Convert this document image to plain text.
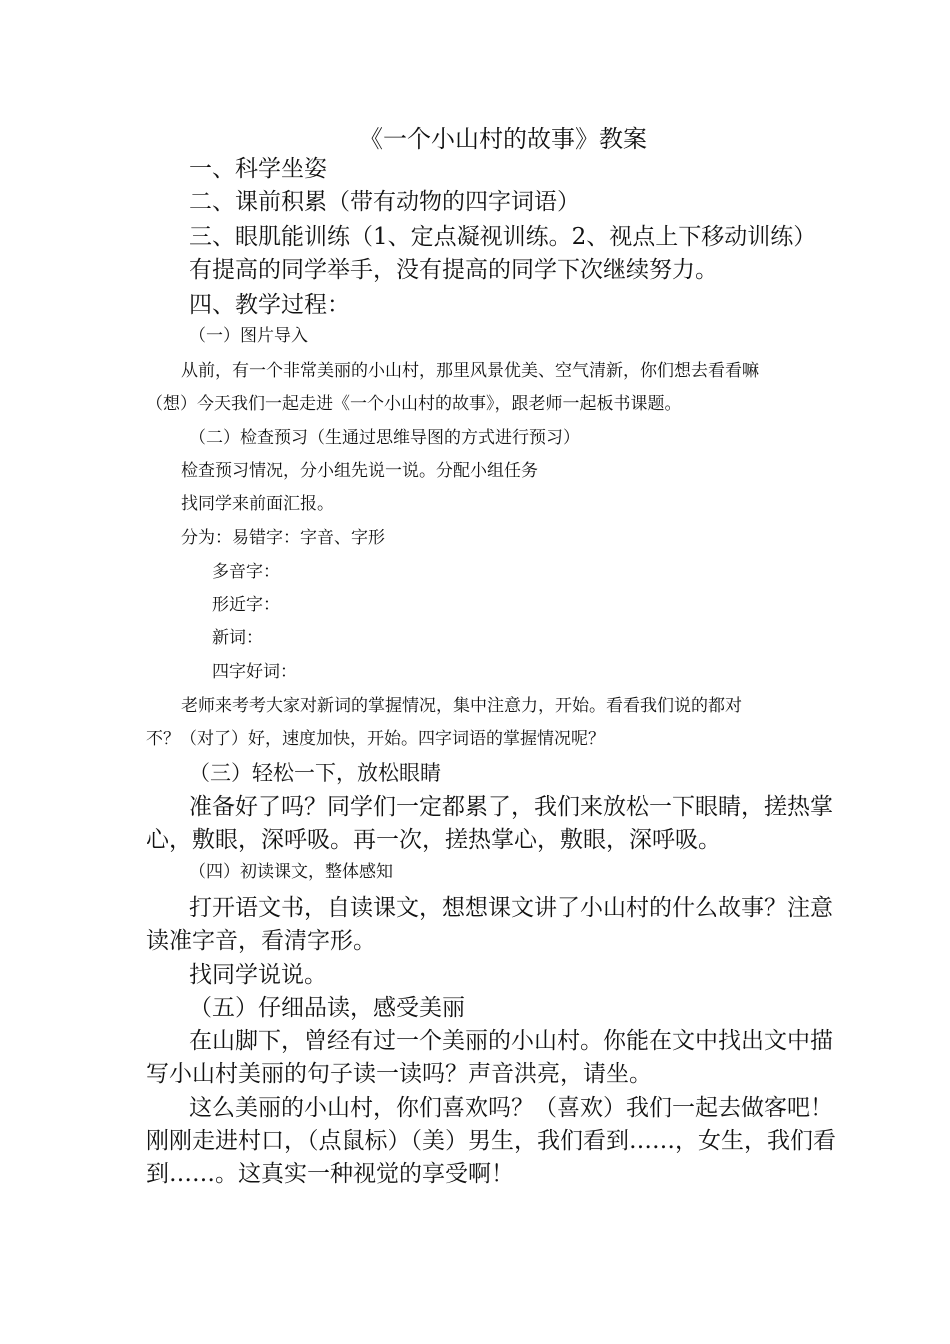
《一个小山村的故事》教案
一、科学坐姿
二、课前积累（带有动物的四字词语）
三、眼肌能训练（1、定点凝视训练。2、视点上下移动训练）
有提高的同学举手，没有提高的同学下次继续努力。
四、教学过程：
（一）图片导入
从前，有一个非常美丽的小山村，那里风景优美、空气清新，你们想去看看嘛
（想）今天我们一起走进《一个小山村的故事》，跟老师一起板书课题。
（二）检查预习（生通过思维导图的方式进行预习）
检查预习情况，分小组先说一说。分配小组任务
找同学来前面汇报。
分为：易错字：字音、字形
多音字：
形近字：
新词：
四字好词：
老师来考考大家对新词的掌握情况，集中注意力，开始。看看我们说的都对
不？（对了）好，速度加快，开始。四字词语的掌握情况呢？
（三）轻松一下，放松眼睛
准备好了吗？同学们一定都累了，我们来放松一下眼睛，搓热掌
心，敷眼，深呼吸。再一次，搓热掌心，敷眼，深呼吸。
（四）初读课文，整体感知
打开语文书，自读课文，想想课文讲了小山村的什么故事？注意
读准字音，看清字形。
找同学说说。
（五）仔细品读，感受美丽
在山脚下，曾经有过一个美丽的小山村。你能在文中找出文中描
写小山村美丽的句子读一读吗？声音洪亮，请坐。
这么美丽的小山村，你们喜欢吗？（喜欢）我们一起去做客吧！
刚刚走进村口，（点鼠标）（美）男生，我们看到……，女生，我们看
到……。这真实一种视觉的享受啊！
